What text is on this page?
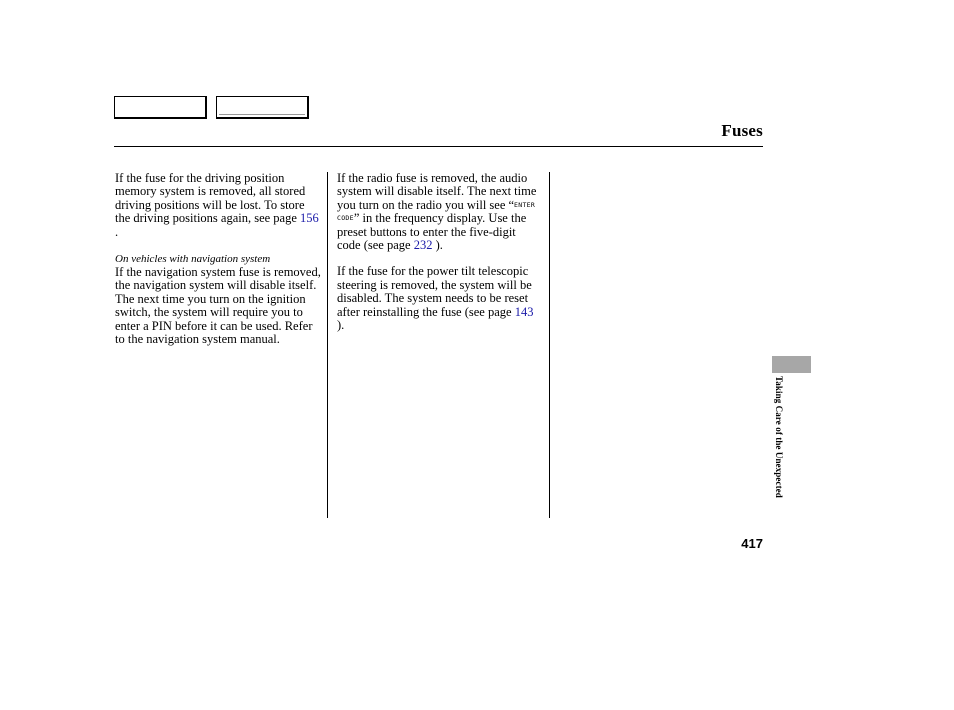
Fuses

If the fuse for the driving position memory system is removed, all stored driving positions will be lost. To store the driving positions again, see page 156 .

On vehicles with navigation system

If the navigation system fuse is removed, the navigation system will disable itself. The next time you turn on the ignition switch, the system will require you to enter a PIN before it can be used. Refer to the navigation system manual.

If the radio fuse is removed, the audio system will disable itself. The next time you turn on the radio you will see “ENTER CODE” in the frequency display. Use the preset buttons to enter the five-digit code (see page 232 ).

If the fuse for the power tilt telescopic steering is removed, the system will be disabled. The system needs to be reset after reinstalling the fuse (see page 143 ).

Taking Care of the Unexpected
417
